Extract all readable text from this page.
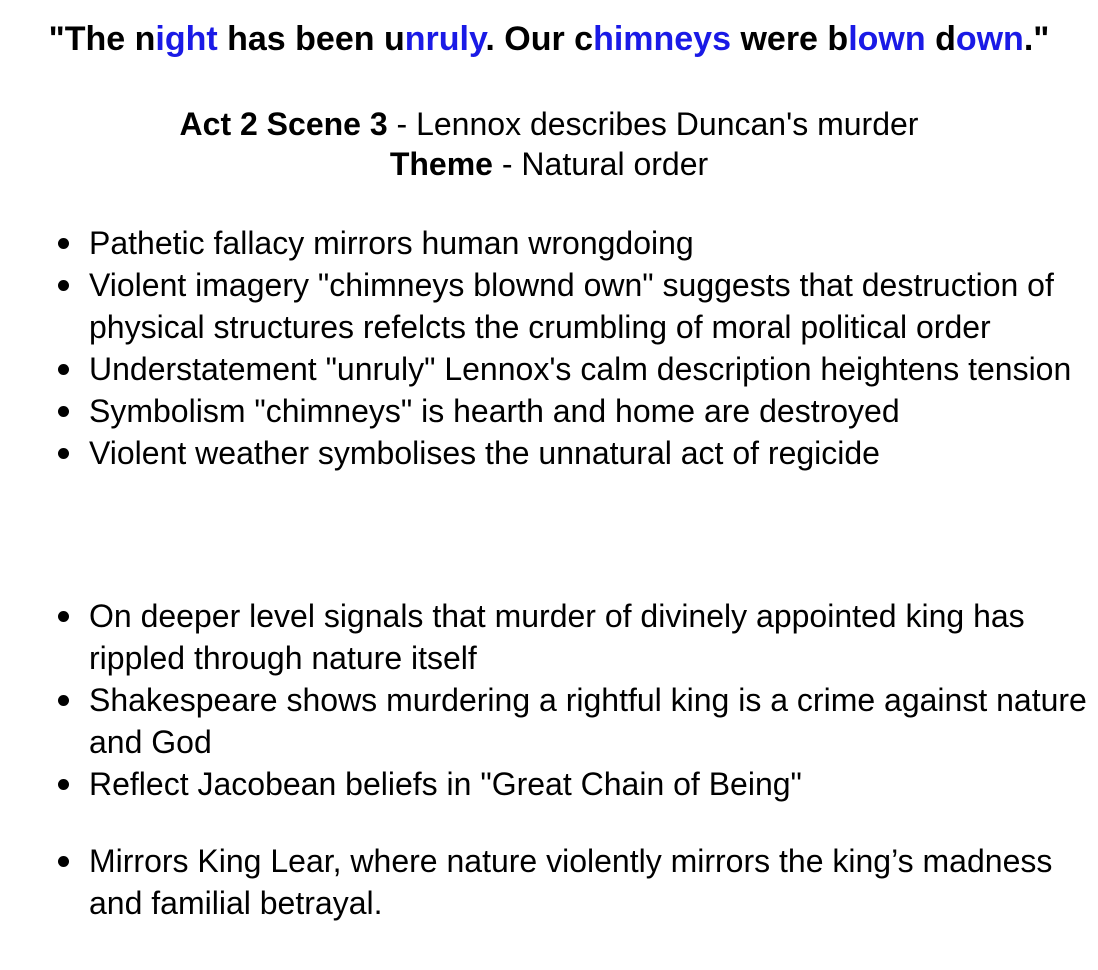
"The night has been unruly. Our chimneys were blown down."
Act 2 Scene 3 - Lennox describes Duncan's murder
Theme - Natural order
Pathetic fallacy mirrors human wrongdoing
Violent imagery "chimneys blownd own" suggests that destruction of physical structures refelcts the crumbling of moral political order
Understatement "unruly" Lennox's calm description heightens tension
Symbolism "chimneys" is hearth and home are destroyed
Violent weather symbolises the unnatural act of regicide
On deeper level signals that murder of divinely appointed king has rippled through nature itself
Shakespeare shows murdering a rightful king is a crime against nature and God
Reflect Jacobean beliefs in "Great Chain of Being"
Mirrors King Lear, where nature violently mirrors the king’s madness and familial betrayal.
